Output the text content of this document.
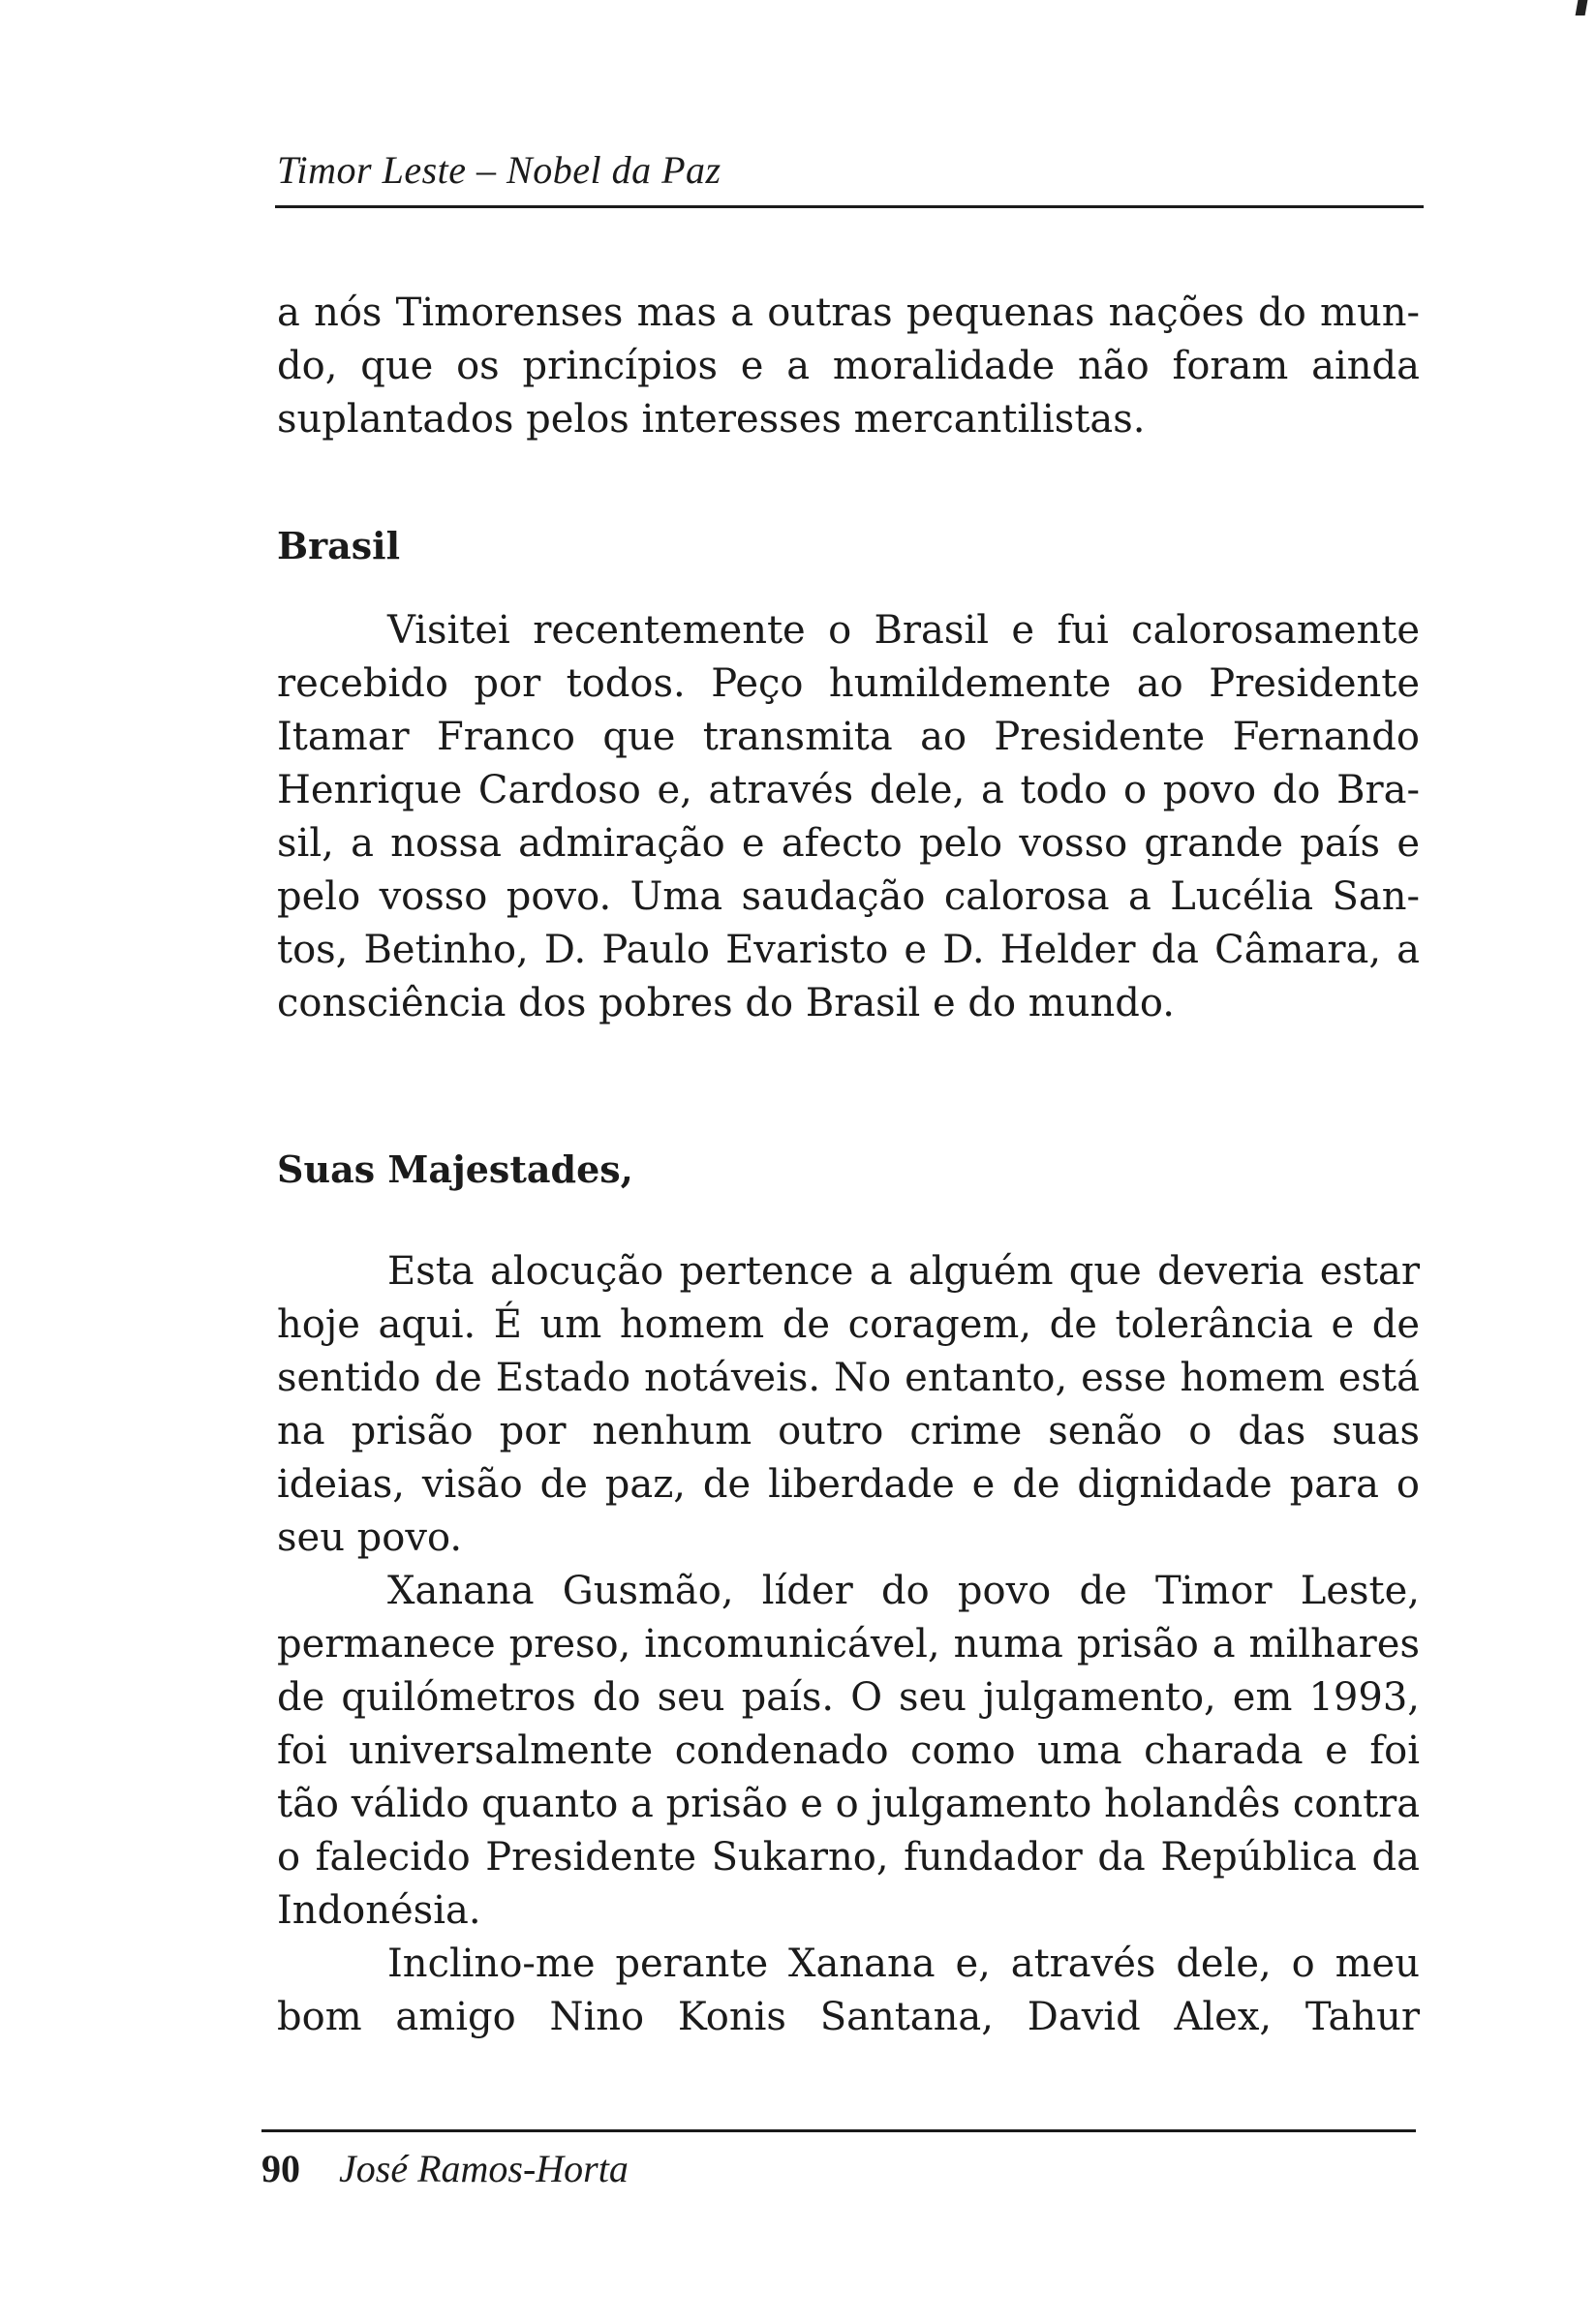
Timor Leste – Nobel da Paz
a nós Timorenses mas a outras pequenas nações do mun-
do, que os princípios e a moralidade não foram ainda
suplantados pelos interesses mercantilistas.
Brasil
Visitei recentemente o Brasil e fui calorosamente
recebido por todos. Peço humildemente ao Presidente
Itamar Franco que transmita ao Presidente Fernando
Henrique Cardoso e, através dele, a todo o povo do Bra-
sil, a nossa admiração e afecto pelo vosso grande país e
pelo vosso povo. Uma saudação calorosa a Lucélia San-
tos, Betinho, D. Paulo Evaristo e D. Helder da Câmara, a
consciência dos pobres do Brasil e do mundo.
Suas Majestades,
Esta alocução pertence a alguém que deveria estar
hoje aqui. É um homem de coragem, de tolerância e de
sentido de Estado notáveis. No entanto, esse homem está
na prisão por nenhum outro crime senão o das suas
ideias, visão de paz, de liberdade e de dignidade para o
seu povo.
Xanana Gusmão, líder do povo de Timor Leste,
permanece preso, incomunicável, numa prisão a milhares
de quilómetros do seu país. O seu julgamento, em 1993,
foi universalmente condenado como uma charada e foi
tão válido quanto a prisão e o julgamento holandês contra
o falecido Presidente Sukarno, fundador da República da
Indonésia.
Inclino-me perante Xanana e, através dele, o meu
bom amigo Nino Konis Santana, David Alex, Tahur
90 José Ramos-Horta
